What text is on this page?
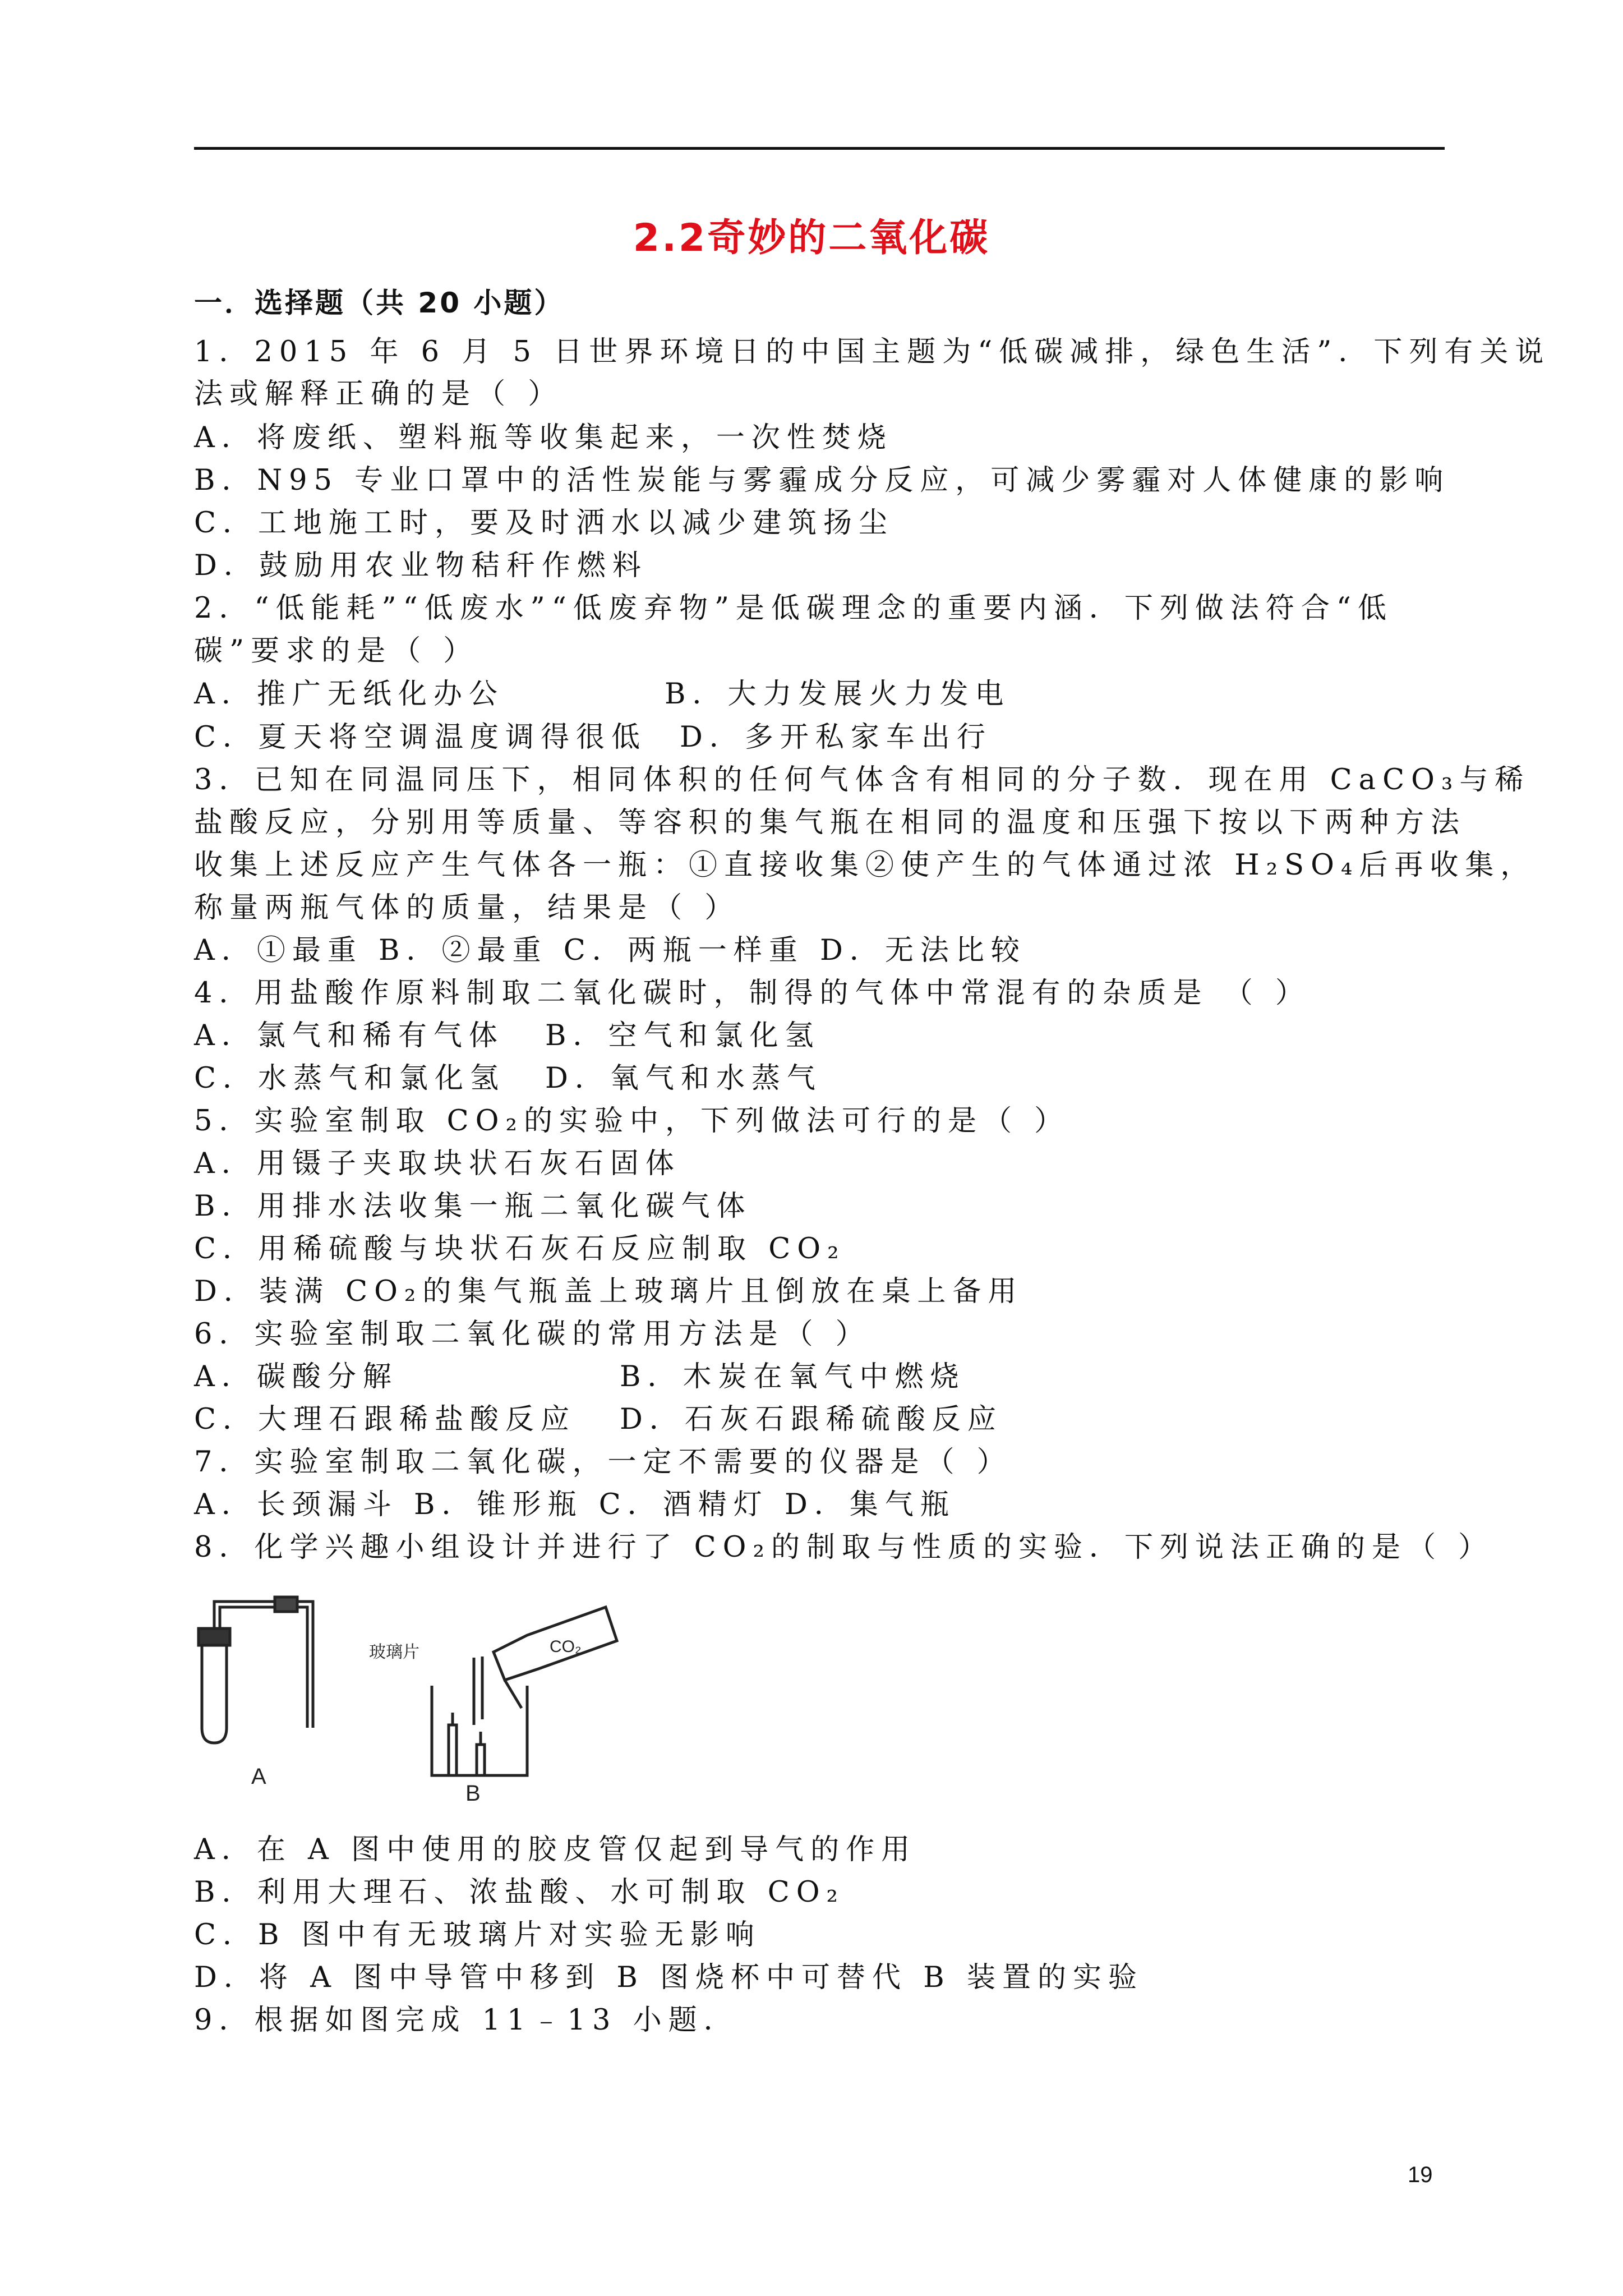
2.2奇妙的二氧化碳
一．选择题（共 20 小题）
1．2015 年 6 月 5 日世界环境日的中国主题为“低碳减排，绿色生活”．下列有关说
法或解释正确的是（ ）
A．将废纸、塑料瓶等收集起来，一次性焚烧
B．N95 专业口罩中的活性炭能与雾霾成分反应，可减少雾霾对人体健康的影响
C．工地施工时，要及时洒水以减少建筑扬尘
D．鼓励用农业物秸秆作燃料
2．“低能耗”“低废水”“低废弃物”是低碳理念的重要内涵．下列做法符合“低
碳”要求的是（ ）
A．推广无纸化办公	B．大力发展火力发电
C．夏天将空调温度调得很低 D．多开私家车出行
3．已知在同温同压下，相同体积的任何气体含有相同的分子数．现在用 CaCO₃与稀
盐酸反应，分别用等质量、等容积的集气瓶在相同的温度和压强下按以下两种方法
收集上述反应产生气体各一瓶：①直接收集②使产生的气体通过浓 H₂SO₄后再收集，
称量两瓶气体的质量，结果是（ ）
A．①最重 B．②最重 C．两瓶一样重 D．无法比较
4．用盐酸作原料制取二氧化碳时，制得的气体中常混有的杂质是 （ ）
A．氯气和稀有气体 B．空气和氯化氢
C．水蒸气和氯化氢 D．氧气和水蒸气
5．实验室制取 CO₂的实验中，下列做法可行的是（ ）
A．用镊子夹取块状石灰石固体
B．用排水法收集一瓶二氧化碳气体
C．用稀硫酸与块状石灰石反应制取 CO₂
D．装满 CO₂的集气瓶盖上玻璃片且倒放在桌上备用
6．实验室制取二氧化碳的常用方法是（ ）
A．碳酸分解	B．木炭在氧气中燃烧
C．大理石跟稀盐酸反应 D．石灰石跟稀硫酸反应
7．实验室制取二氧化碳，一定不需要的仪器是（ ）
A．长颈漏斗 B．锥形瓶 C．酒精灯 D．集气瓶
8．化学兴趣小组设计并进行了 CO₂的制取与性质的实验．下列说法正确的是（ ）
A
玻璃片	CO₂
B
A．在 A 图中使用的胶皮管仅起到导气的作用
B．利用大理石、浓盐酸、水可制取 CO₂
C．B 图中有无玻璃片对实验无影响
D．将 A 图中导管中移到 B 图烧杯中可替代 B 装置的实验
9．根据如图完成 11﹣13 小题．
19
